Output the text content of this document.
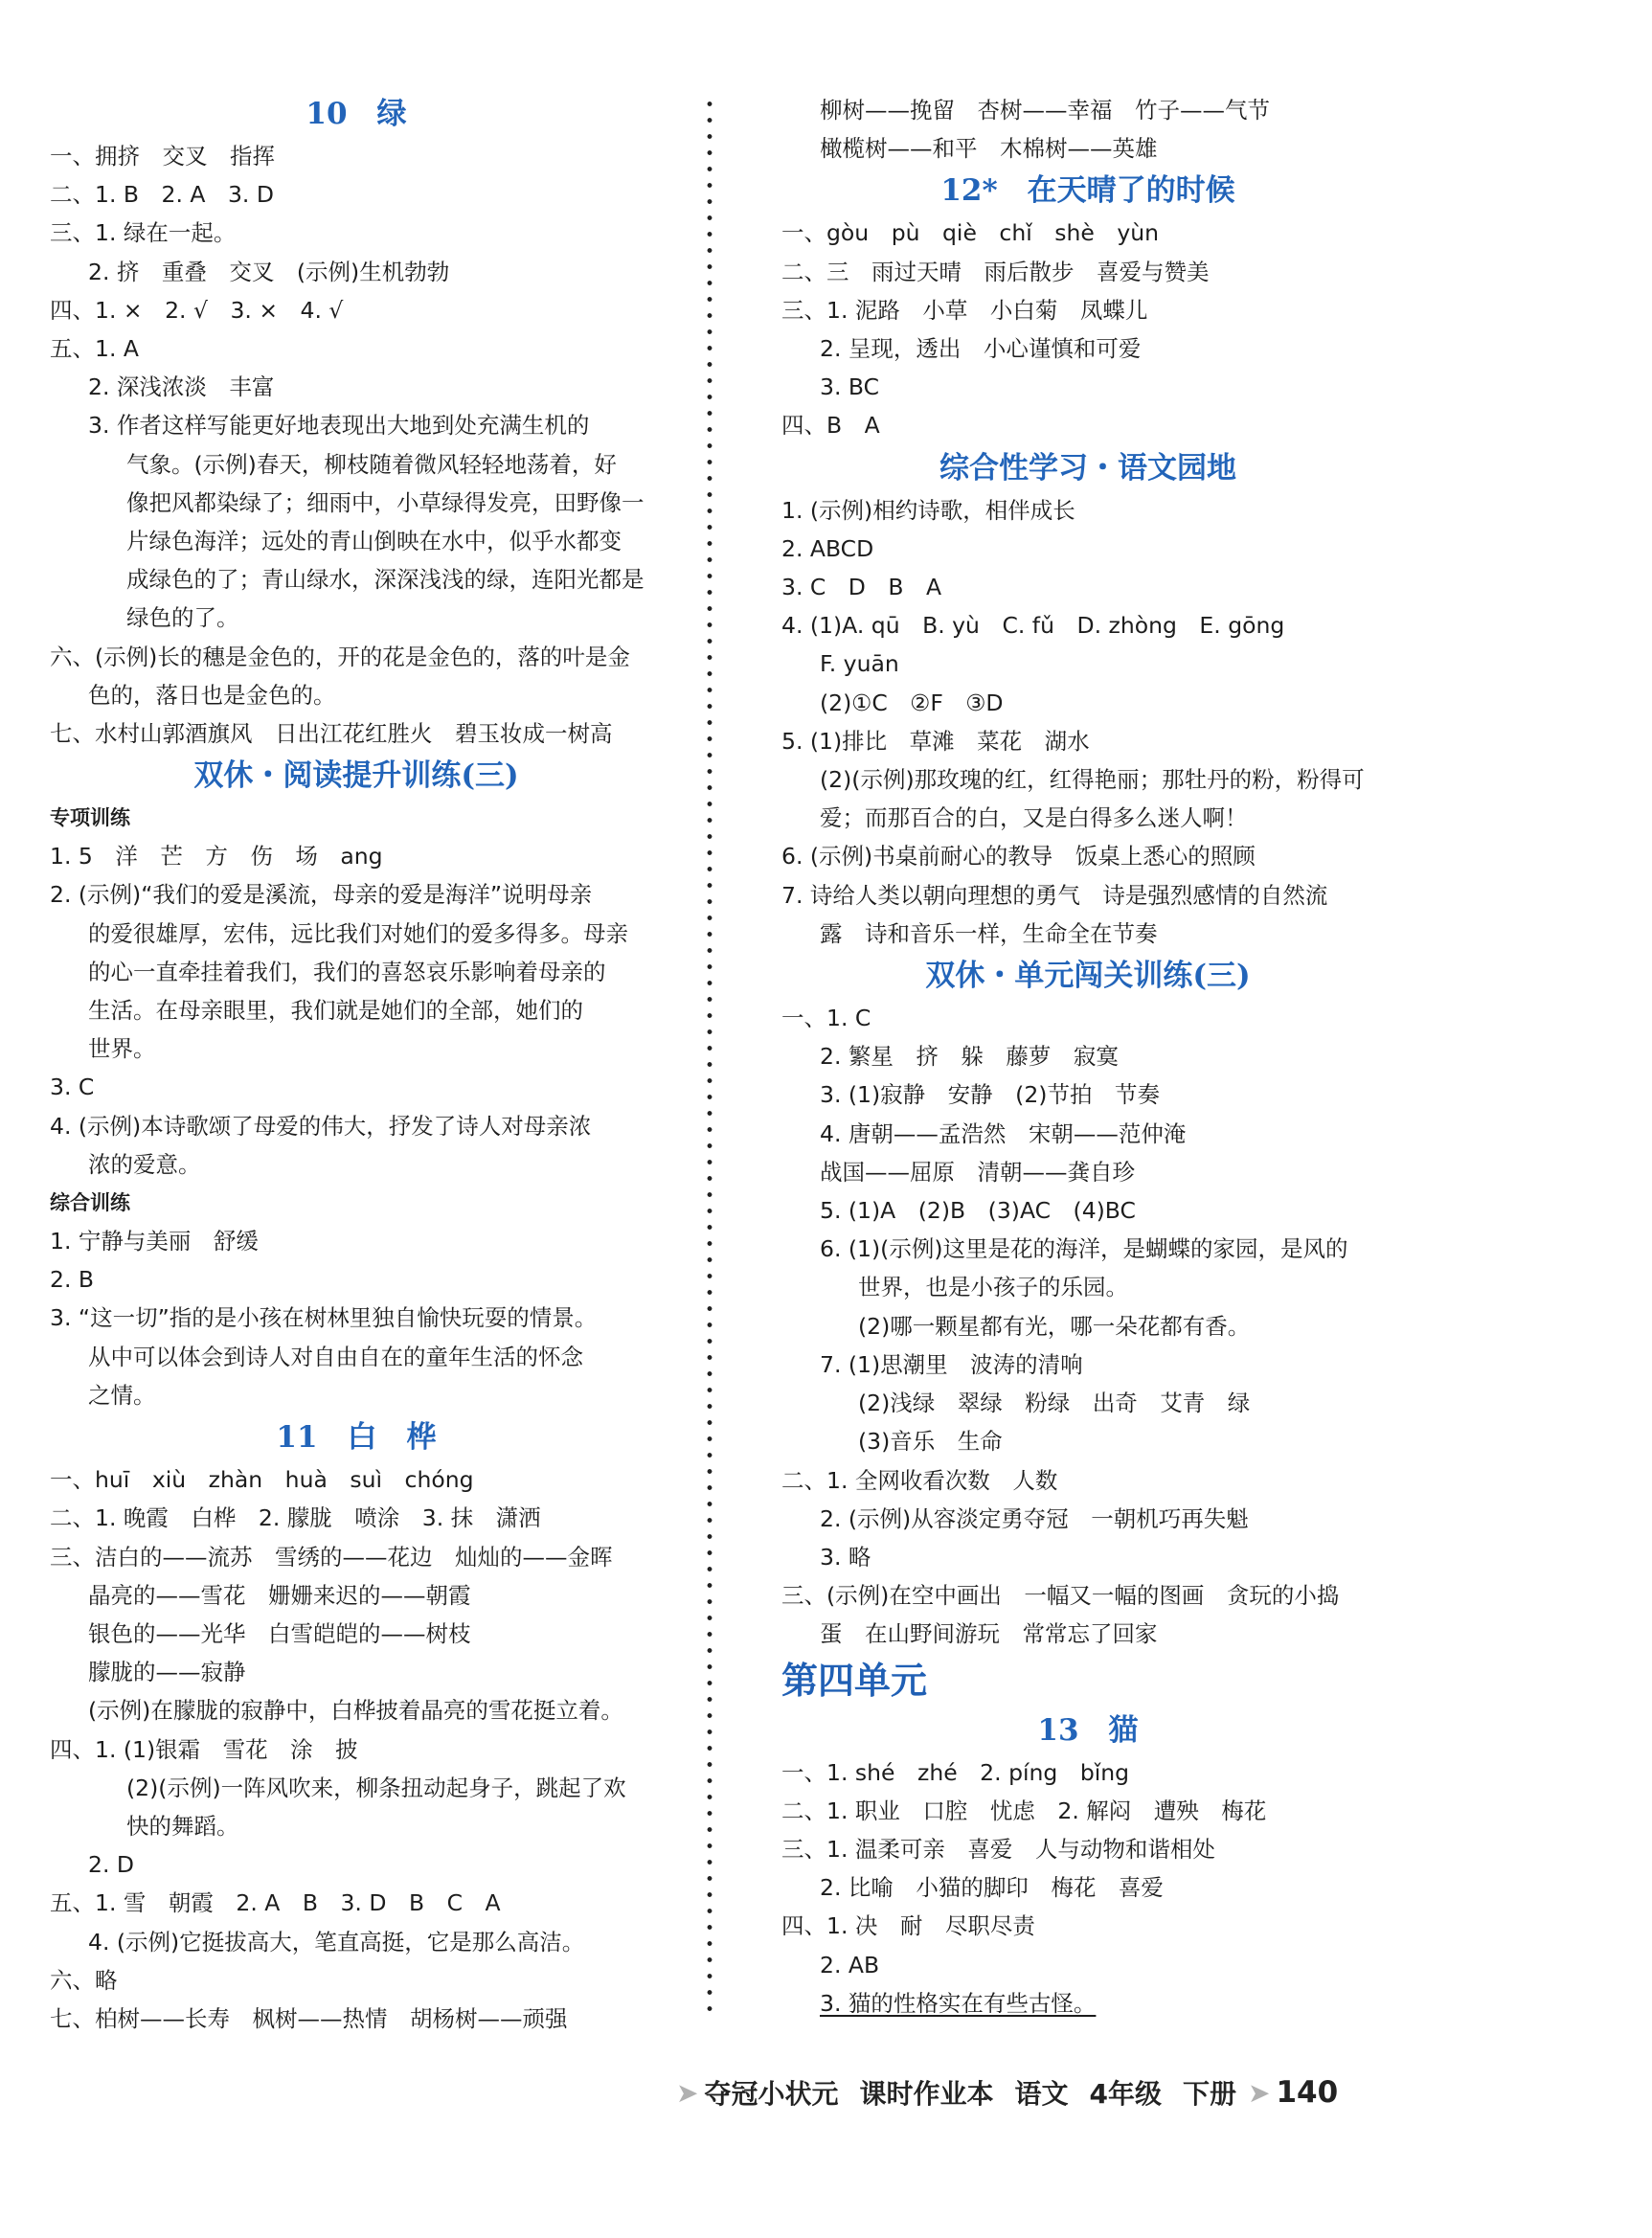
10　绿

一、拥挤　交叉　指挥

二、1. B　2. A　3. D

三、1. 绿在一起。

2. 挤　重叠　交叉　(示例)生机勃勃

四、1. ×　2. √　3. ×　4. √

五、1. A

2. 深浅浓淡　丰富

3. 作者这样写能更好地表现出大地到处充满生机的

气象。(示例)春天，柳枝随着微风轻轻地荡着，好

像把风都染绿了；细雨中，小草绿得发亮，田野像一

片绿色海洋；远处的青山倒映在水中，似乎水都变

成绿色的了；青山绿水，深深浅浅的绿，连阳光都是

绿色的了。

六、(示例)长的穗是金色的，开的花是金色的，落的叶是金

色的，落日也是金色的。

七、水村山郭酒旗风　日出江花红胜火　碧玉妆成一树高

双休・阅读提升训练(三)

专项训练

1. 5　洋　芒　方　伤　场　ang

2. (示例)“我们的爱是溪流，母亲的爱是海洋”说明母亲

的爱很雄厚，宏伟，远比我们对她们的爱多得多。母亲

的心一直牵挂着我们，我们的喜怒哀乐影响着母亲的

生活。在母亲眼里，我们就是她们的全部，她们的

世界。

3. C

4. (示例)本诗歌颂了母爱的伟大，抒发了诗人对母亲浓

浓的爱意。

综合训练

1. 宁静与美丽　舒缓

2. B

3. “这一切”指的是小孩在树林里独自愉快玩耍的情景。

从中可以体会到诗人对自由自在的童年生活的怀念

之情。

11　白　桦

一、huī　xiù　zhàn　huà　suì　chóng

二、1. 晚霞　白桦　2. 朦胧　喷涂　3. 抹　潇洒

三、洁白的——流苏　雪绣的——花边　灿灿的——金晖

晶亮的——雪花　姗姗来迟的——朝霞

银色的——光华　白雪皑皑的——树枝

朦胧的——寂静

(示例)在朦胧的寂静中，白桦披着晶亮的雪花挺立着。

四、1. (1)银霜　雪花　涂　披

(2)(示例)一阵风吹来，柳条扭动起身子，跳起了欢

快的舞蹈。

2. D

五、1. 雪　朝霞　2. A　B　3. D　B　C　A

4. (示例)它挺拔高大，笔直高挺，它是那么高洁。

六、略

七、柏树——长寿　枫树——热情　胡杨树——顽强

柳树——挽留　杏树——幸福　竹子——气节

橄榄树——和平　木棉树——英雄

12*　在天晴了的时候

一、gòu　pù　qiè　chǐ　shè　yùn

二、三　雨过天晴　雨后散步　喜爱与赞美

三、1. 泥路　小草　小白菊　凤蝶儿

2. 呈现，透出　小心谨慎和可爱

3. BC

四、B　A

综合性学习・语文园地

1. (示例)相约诗歌，相伴成长

2. ABCD

3. C　D　B　A

4. (1)A. qū　B. yù　C. fǔ　D. zhòng　E. gōng

F. yuān

(2)①C　②F　③D

5. (1)排比　草滩　菜花　湖水

(2)(示例)那玫瑰的红，红得艳丽；那牡丹的粉，粉得可

爱；而那百合的白，又是白得多么迷人啊！

6. (示例)书桌前耐心的教导　饭桌上悉心的照顾

7. 诗给人类以朝向理想的勇气　诗是强烈感情的自然流

露　诗和音乐一样，生命全在节奏

双休・单元闯关训练(三)

一、1. C

2. 繁星　挤　躲　藤萝　寂寞

3. (1)寂静　安静　(2)节拍　节奏

4. 唐朝——孟浩然　宋朝——范仲淹

战国——屈原　清朝——龚自珍

5. (1)A　(2)B　(3)AC　(4)BC

6. (1)(示例)这里是花的海洋，是蝴蝶的家园，是风的

世界，也是小孩子的乐园。

(2)哪一颗星都有光，哪一朵花都有香。

7. (1)思潮里　波涛的清响

(2)浅绿　翠绿　粉绿　出奇　艾青　绿

(3)音乐　生命

二、1. 全网收看次数　人数

2. (示例)从容淡定勇夺冠　一朝机巧再失魁

3. 略

三、(示例)在空中画出　一幅又一幅的图画　贪玩的小捣

蛋　在山野间游玩　常常忘了回家

第四单元

13　猫

一、1. shé　zhé　2. píng　bǐng

二、1. 职业　口腔　忧虑　2. 解闷　遭殃　梅花

三、1. 温柔可亲　喜爱　人与动物和谐相处

2. 比喻　小猫的脚印　梅花　喜爱

四、1. 决　耐　尽职尽责

2. AB

3. 猫的性格实在有些古怪。

➤ 夺冠小状元 课时作业本 语文 4年级 下册 ➤ 140
